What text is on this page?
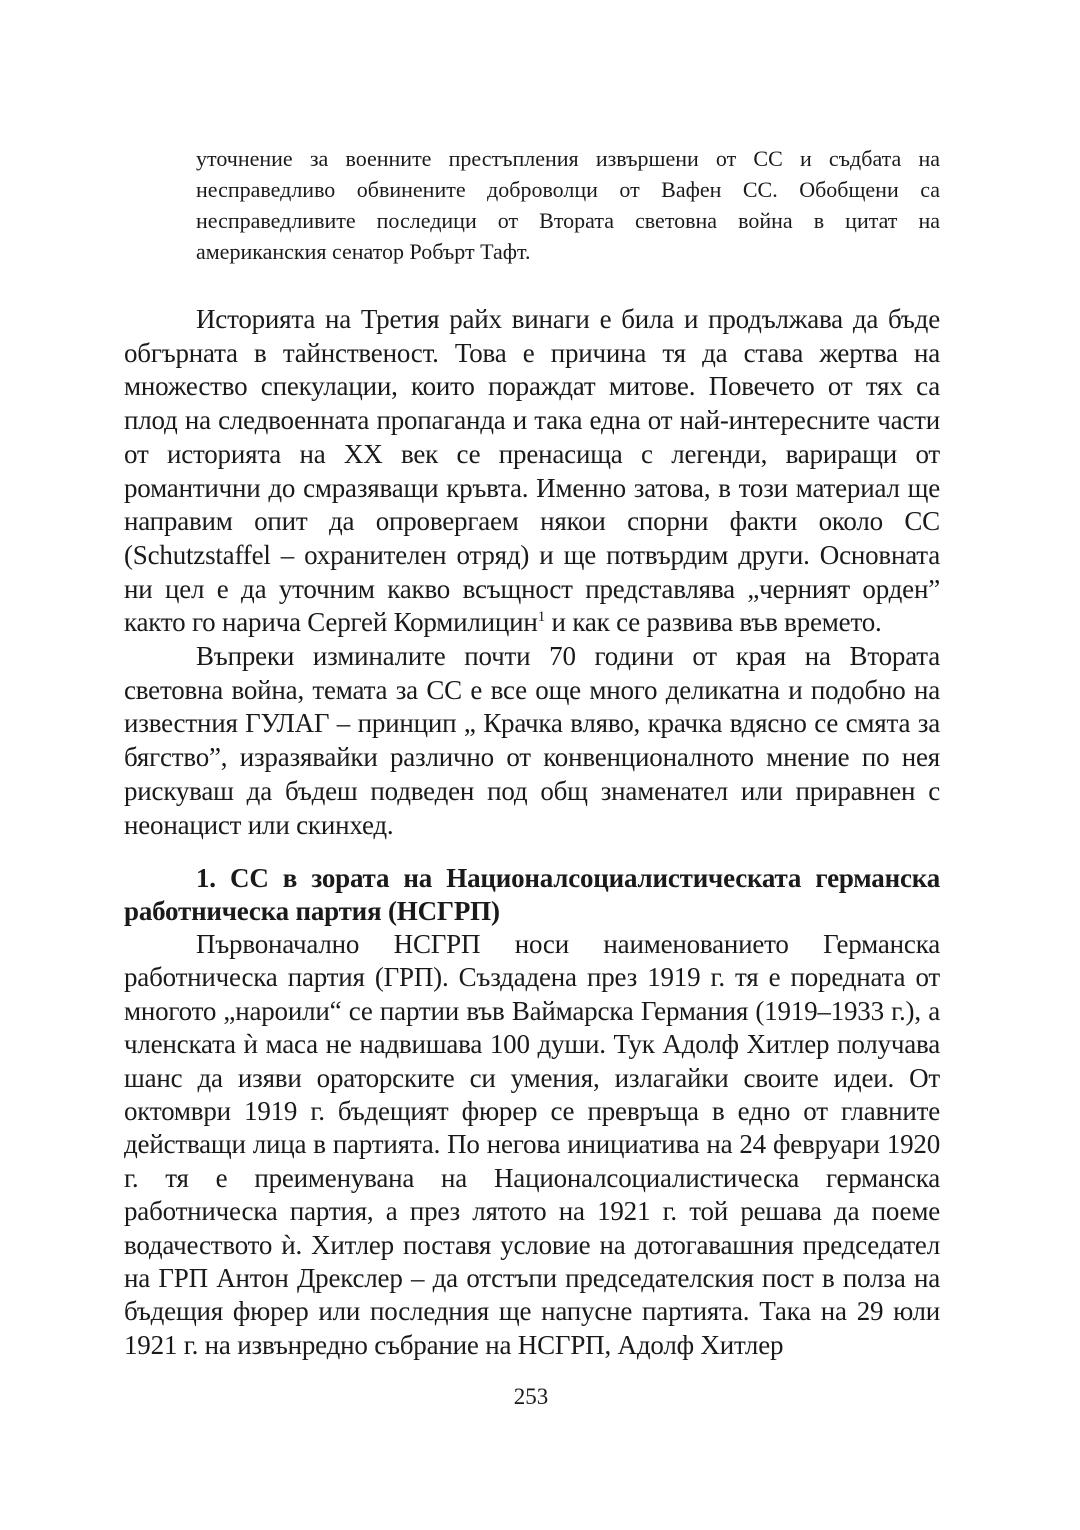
уточнение за военните престъпления извършени от СС и съдбата на несправедливо обвинените доброволци от Вафен СС. Обобщени са несправедливите последици от Втората световна война в цитат на американския сенатор Робърт Тафт.

Историята на Третия райх винаги е била и продължава да бъде обгърната в тайнственост. Това е причина тя да става жертва на множество спекулации, които пораждат митове. Повечето от тях са плод на следвоенната пропаганда и така една от най-интересните части от историята на XX век се пренасища с легенди, вариращи от романтични до смразяващи кръвта. Именно затова, в този материал ще направим опит да опровергаем някои спорни факти около СС (Schutzstaffel – охранителен отряд) и ще потвърдим други. Основната ни цел е да уточним какво всъщност представлява „черният орден” както го нарича Сергей Кормилицин$^1$ и как се развива във времето.

Въпреки изминалите почти 70 години от края на Втората световна война, темата за СС е все още много деликатна и подобно на известния ГУЛАГ – принцип „ Крачка вляво, крачка вдясно се смята за бягство”, изразявайки различно от конвенционалното мнение по нея рискуваш да бъдеш подведен под общ знаменател или приравнен с неонацист или скинхед.

1. СС в зората на Националсоциалистическата германска работническа партия (НСГРП)

Първоначално НСГРП носи наименованието Германска работническа партия (ГРП). Създадена през 1919 г. тя е поредната от многото „нароили“ се партии във Ваймарска Германия (1919–1933 г.), а членската ѝ маса не надвишава 100 души. Тук Адолф Хитлер получава шанс да изяви ораторските си умения, излагайки своите идеи. От октомври 1919 г. бъдещият фюрер се превръща в едно от главните действащи лица в партията. По негова инициатива на 24 февруари 1920 г. тя е преименувана на Националсоциалистическа германска работническа партия, а през лятото на 1921 г. той решава да поеме водачеството ѝ. Хитлер поставя условие на дотогавашния председател на ГРП Антон Дрекслер – да отстъпи председателския пост в полза на бъдещия фюрер или последния ще напусне партията. Така на 29 юли 1921 г. на извънредно събрание на НСГРП, Адолф Хитлер

253
